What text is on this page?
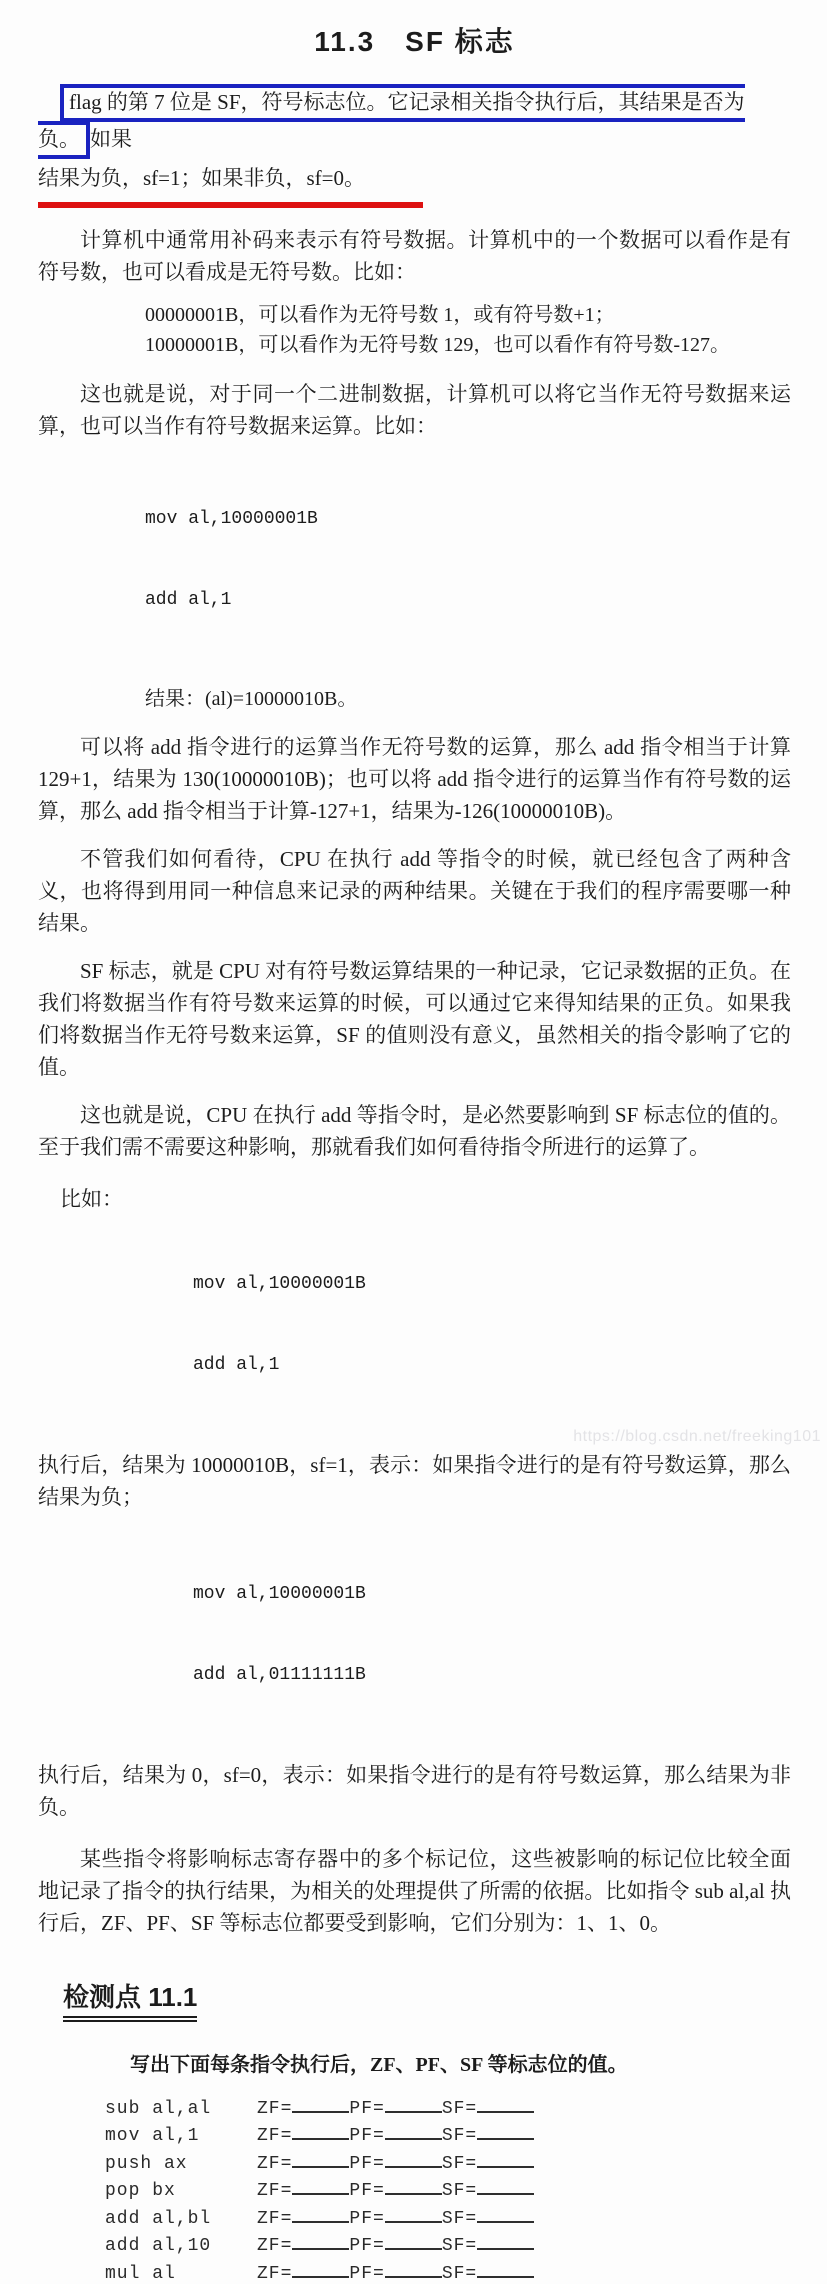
11.3　SF 标志

flag 的第 7 位是 SF，符号标志位。它记录相关指令执行后，其结果是否为负。 如果
结果为负，sf=1；如果非负，sf=0。

计算机中通常用补码来表示有符号数据。计算机中的一个数据可以看作是有符号数，也可以看成是无符号数。比如：

00000001B，可以看作为无符号数 1，或有符号数+1；
10000001B，可以看作为无符号数 129，也可以看作有符号数-127。

这也就是说，对于同一个二进制数据，计算机可以将它当作无符号数据来运算，也可以当作有符号数据来运算。比如：

mov al,10000001B

add al,1

结果：(al)=10000010B。

可以将 add 指令进行的运算当作无符号数的运算，那么 add 指令相当于计算 129+1，结果为 130(10000010B)；也可以将 add 指令进行的运算当作有符号数的运算，那么 add 指令相当于计算-127+1，结果为-126(10000010B)。

不管我们如何看待，CPU 在执行 add 等指令的时候，就已经包含了两种含义，也将得到用同一种信息来记录的两种结果。关键在于我们的程序需要哪一种结果。

SF 标志，就是 CPU 对有符号数运算结果的一种记录，它记录数据的正负。在我们将数据当作有符号数来运算的时候，可以通过它来得知结果的正负。如果我们将数据当作无符号数来运算，SF 的值则没有意义，虽然相关的指令影响了它的值。

这也就是说，CPU 在执行 add 等指令时，是必然要影响到 SF 标志位的值的。至于我们需不需要这种影响，那就看我们如何看待指令所进行的运算了。

比如：

mov al,10000001B

add al,1

执行后，结果为 10000010B，sf=1，表示：如果指令进行的是有符号数运算，那么结果为负；

mov al,10000001B

add al,01111111B

执行后，结果为 0，sf=0，表示：如果指令进行的是有符号数运算，那么结果为非负。

某些指令将影响标志寄存器中的多个标记位，这些被影响的标记位比较全面地记录了指令的执行结果，为相关的处理提供了所需的依据。比如指令 sub al,al 执行后，ZF、PF、SF 等标志位都要受到影响，它们分别为：1、1、0。

检测点 11.1

写出下面每条指令执行后，ZF、PF、SF 等标志位的值。

sub al,al	ZF=	PF=	SF=
mov al,1	ZF=	PF=	SF=
push ax	ZF=	PF=	SF=
pop bx	ZF=	PF=	SF=
add al,bl	ZF=	PF=	SF=
add al,10	ZF=	PF=	SF=
mul al	ZF=	PF=	SF=
https://blog.csdn.net/freeking101
